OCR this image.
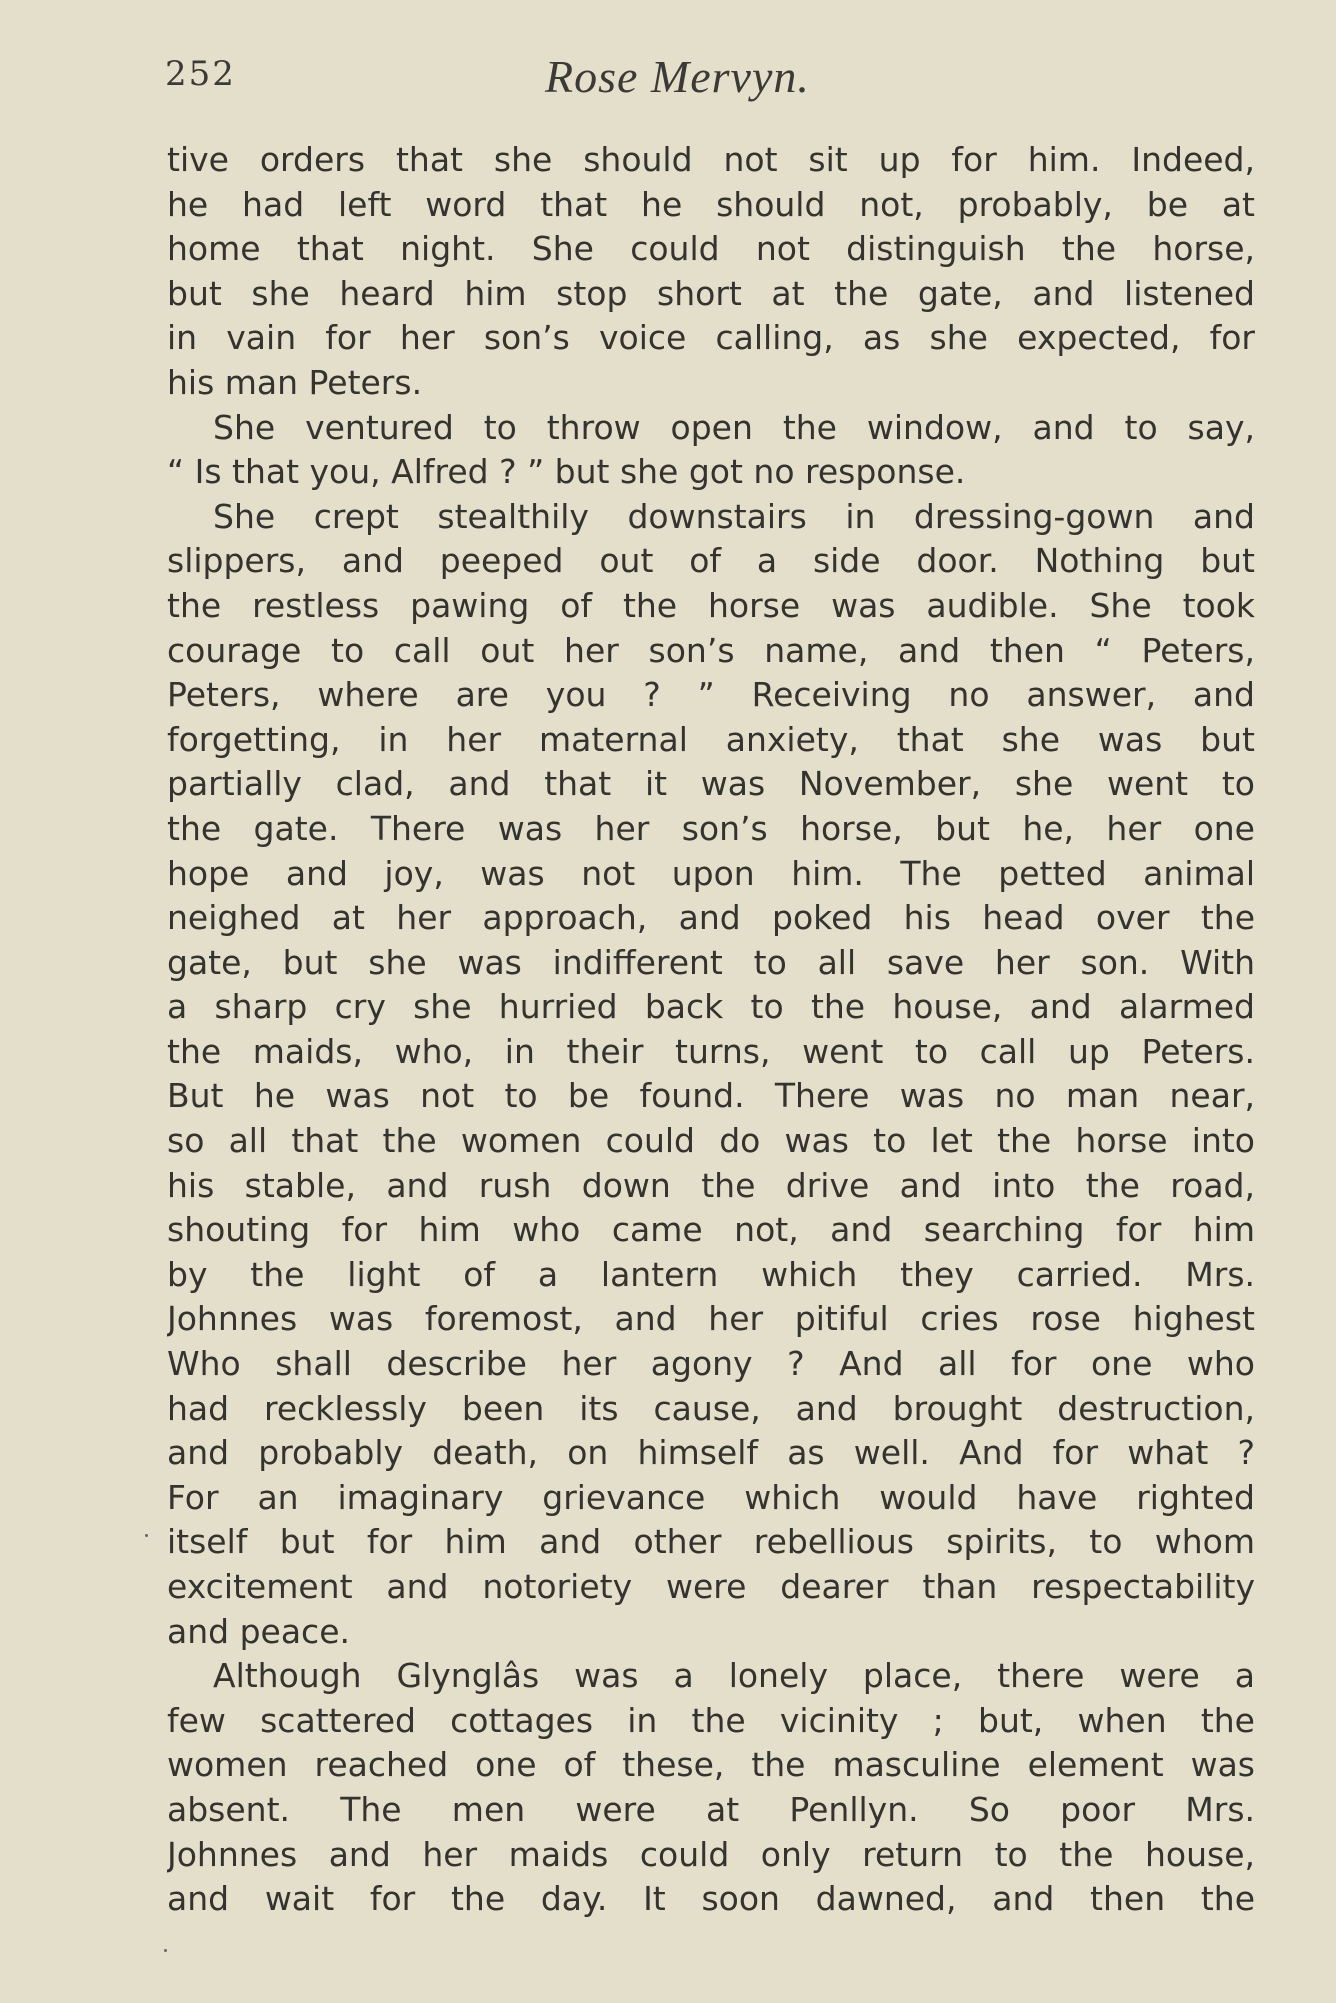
252	Rose Mervyn.
tive orders that she should not sit up for him. Indeed,
he had left word that he should not, probably, be at
home that night. She could not distinguish the horse,
but she heard him stop short at the gate, and listened
in vain for her son’s voice calling, as she expected, for
his man Peters.
She ventured to throw open the window, and to say,
“ Is that you, Alfred ? ” but she got no response.
She crept stealthily downstairs in dressing-gown and
slippers, and peeped out of a side door. Nothing but
the restless pawing of the horse was audible. She took
courage to call out her son’s name, and then “ Peters,
Peters, where are you ? ” Receiving no answer, and
forgetting, in her maternal anxiety, that she was but
partially clad, and that it was November, she went to
the gate. There was her son’s horse, but he, her one
hope and joy, was not upon him. The petted animal
neighed at her approach, and poked his head over the
gate, but she was indifferent to all save her son. With
a sharp cry she hurried back to the house, and alarmed
the maids, who, in their turns, went to call up Peters.
But he was not to be found. There was no man near,
so all that the women could do was to let the horse into
his stable, and rush down the drive and into the road,
shouting for him who came not, and searching for him
by the light of a lantern which they carried. Mrs.
Johnnes was foremost, and her pitiful cries rose highest
Who shall describe her agony ? And all for one who
had recklessly been its cause, and brought destruction,
and probably death, on himself as well. And for what ?
For an imaginary grievance which would have righted
itself but for him and other rebellious spirits, to whom
excitement and notoriety were dearer than respectability
and peace.
Although Glynglâs was a lonely place, there were a
few scattered cottages in the vicinity ; but, when the
women reached one of these, the masculine element was
absent. The men were at Penllyn. So poor Mrs.
Johnnes and her maids could only return to the house,
and wait for the day. It soon dawned, and then the
